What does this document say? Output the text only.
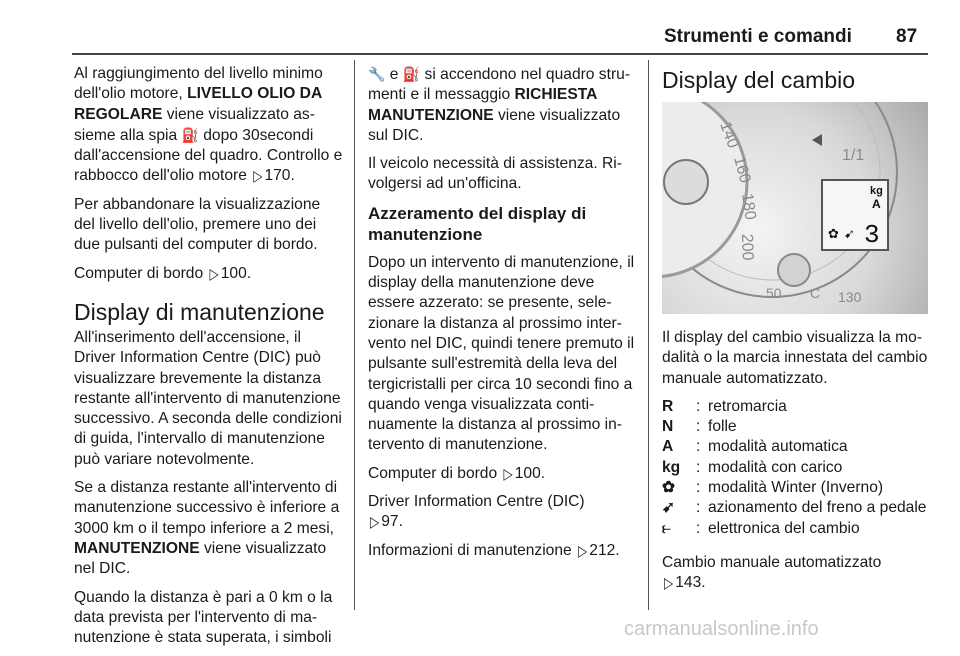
Strumenti e comandi 87

Al raggiungimento del livello minimo dell'olio motore, LIVELLO OLIO DA REGOLARE viene visualizzato assieme alla spia ⛽ dopo 30secondi dall'accensione del quadro. Controllo e rabbocco dell'olio motore ▷ 170.

Per abbandonare la visualizzazione del livello dell'olio, premere uno dei due pulsanti del computer di bordo.

Computer di bordo ▷ 100.

Display di manutenzione

All'inserimento dell'accensione, il Driver Information Centre (DIC) può visualizzare brevemente la distanza restante all'intervento di manutenzione successivo. A seconda delle condizioni di guida, l'intervallo di manutenzione può variare notevolmente.

Se a distanza restante all'intervento di manutenzione successivo è inferiore a 3000 km o il tempo inferiore a 2 mesi, MANUTENZIONE viene visualizzato nel DIC.

Quando la distanza è pari a 0 km o la data prevista per l'intervento di manutenzione è stata superata, i simboli

🔧 e ⛽ si accendono nel quadro strumenti e il messaggio RICHIESTA MANUTENZIONE viene visualizzato sul DIC.

Il veicolo necessità di assistenza. Rivolgersi ad un'officina.

Azzeramento del display di manutenzione

Dopo un intervento di manutenzione, il display della manutenzione deve essere azzerato: se presente, selezionare la distanza al prossimo intervento nel DIC, quindi tenere premuto il pulsante sull'estremità della leva del tergicristalli per circa 10 secondi fino a quando venga visualizzata continuamente la distanza al prossimo intervento di manutenzione.

Computer di bordo ▷ 100.

Driver Information Centre (DIC)
▷ 97.

Informazioni di manutenzione ▷ 212.

Display del cambio
140
160
180
200
1/1
50 C 130
kg
A
✿ ➹ 3

Il display del cambio visualizza la modalità o la marcia innestata del cambio manuale automatizzato.

R	: retromarcia
N	: folle
A	: modalità automatica
kg	: modalità con carico
✿	: modalità Winter (Inverno)
➹	: azionamento del freno a pedale
⥼	: elettronica del cambio

Cambio manuale automatizzato
▷ 143.

carmanualsonline.info
